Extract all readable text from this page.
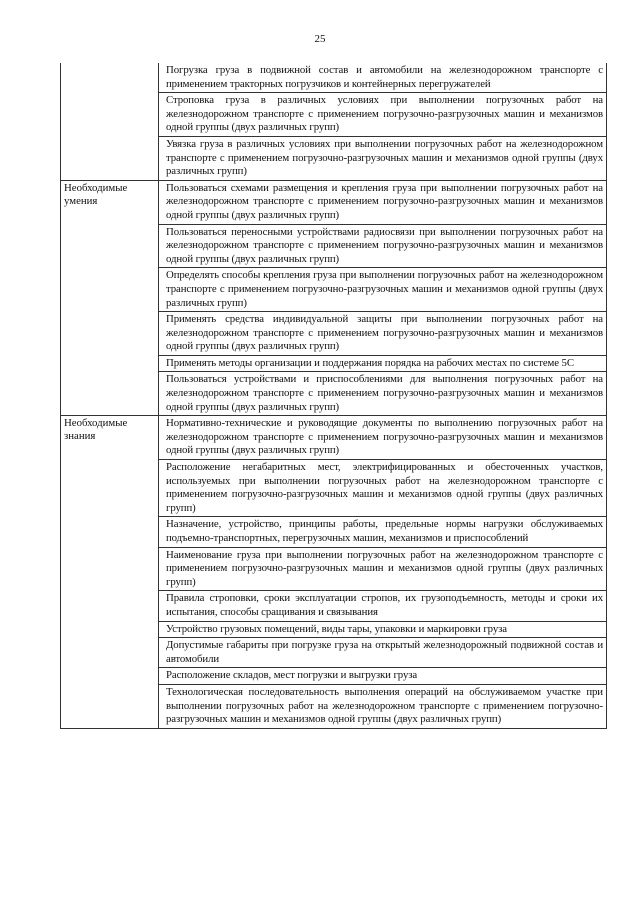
25
Погрузка груза в подвижной состав и автомобили на железнодорожном транспорте с применением тракторных погрузчиков и контейнерных перегружателей
Строповка груза в различных условиях при выполнении погрузочных работ на железнодорожном транспорте с применением погрузочно-разгрузочных машин и механизмов одной группы (двух различных групп)
Увязка груза в различных условиях при выполнении погрузочных работ на железнодорожном транспорте с применением погрузочно-разгрузочных машин и механизмов одной группы (двух различных групп)
Необходимые умения
Пользоваться схемами размещения и крепления груза при выполнении погрузочных работ на железнодорожном транспорте с применением погрузочно-разгрузочных машин и механизмов одной группы (двух различных групп)
Пользоваться переносными устройствами радиосвязи при выполнении погрузочных работ на железнодорожном транспорте с применением погрузочно-разгрузочных машин и механизмов одной группы (двух различных групп)
Определять способы крепления груза при выполнении погрузочных работ на железнодорожном транспорте с применением погрузочно-разгрузочных машин и механизмов одной группы (двух различных групп)
Применять средства индивидуальной защиты при выполнении погрузочных работ на железнодорожном транспорте с применением погрузочно-разгрузочных машин и механизмов одной группы (двух различных групп)
Применять методы организации и поддержания порядка на рабочих местах по системе 5С
Пользоваться устройствами и приспособлениями для выполнения погрузочных работ на железнодорожном транспорте с применением погрузочно-разгрузочных машин и механизмов одной группы (двух различных групп)
Необходимые знания
Нормативно-технические и руководящие документы по выполнению погрузочных работ на железнодорожном транспорте с применением погрузочно-разгрузочных машин и механизмов одной группы (двух различных групп)
Расположение негабаритных мест, электрифицированных и обесточенных участков, используемых при выполнении погрузочных работ на железнодорожном транспорте с применением погрузочно-разгрузочных машин и механизмов одной группы (двух различных групп)
Назначение, устройство, принципы работы, предельные нормы нагрузки обслуживаемых подъемно-транспортных, перегрузочных машин, механизмов и приспособлений
Наименование груза при выполнении погрузочных работ на железнодорожном транспорте с применением погрузочно-разгрузочных машин и механизмов одной группы (двух различных групп)
Правила строповки, сроки эксплуатации стропов, их грузоподъемность, методы и сроки их испытания, способы сращивания и связывания
Устройство грузовых помещений, виды тары, упаковки и маркировки груза
Допустимые габариты при погрузке груза на открытый железнодорожный подвижной состав и автомобили
Расположение складов, мест погрузки и выгрузки груза
Технологическая последовательность выполнения операций на обслуживаемом участке при выполнении погрузочных работ на железнодорожном транспорте с применением погрузочно-разгрузочных машин и механизмов одной группы (двух различных групп)
